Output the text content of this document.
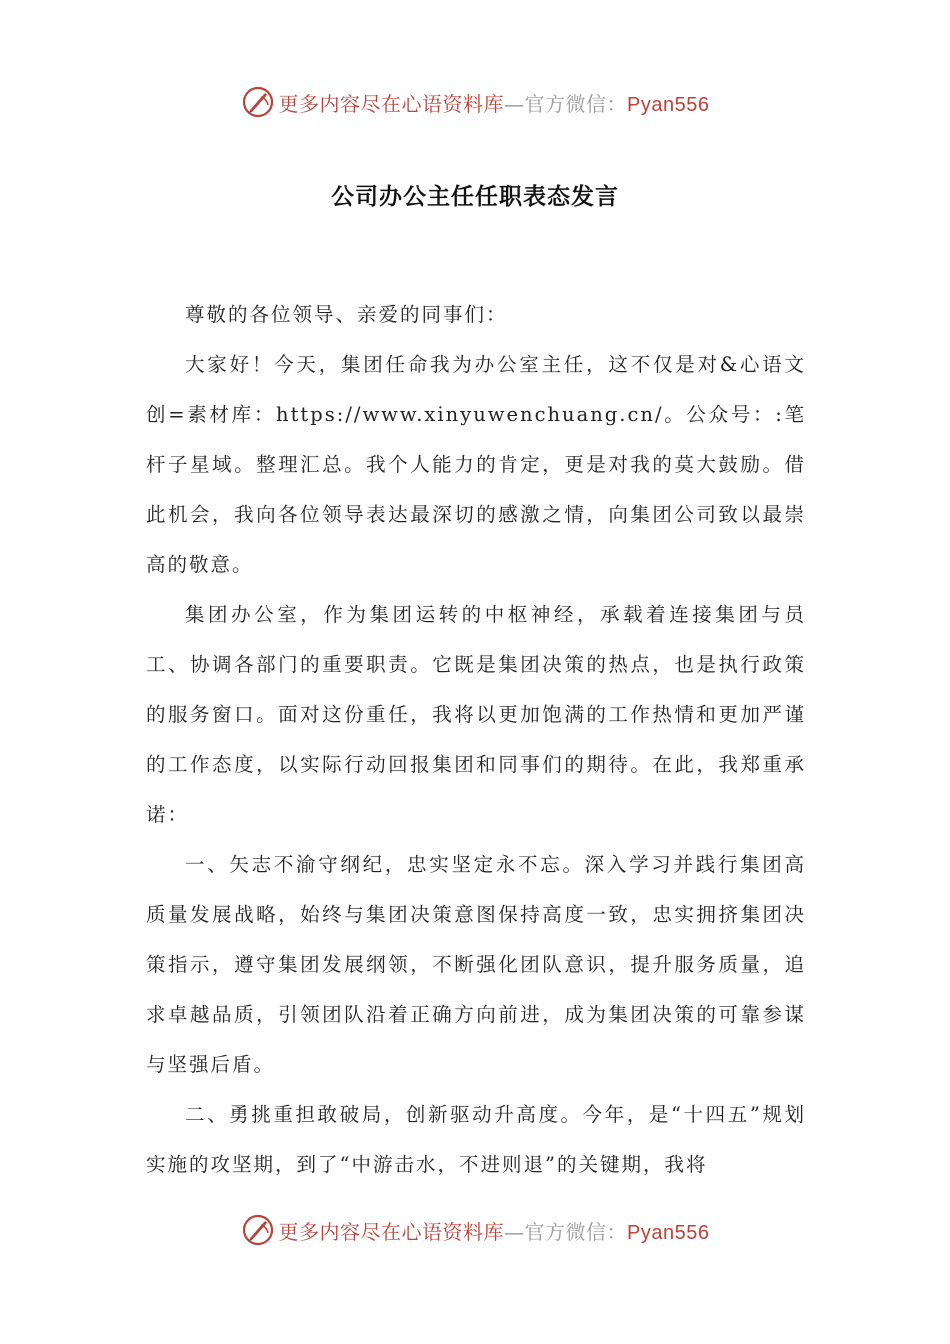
更多内容尽在心语资料库—官方微信：Pyan556
公司办公主任任职表态发言

尊敬的各位领导、亲爱的同事们：

大家好！今天，集团任命我为办公室主任，这不仅是对&心语文创=素材库：https://www.xinyuwenchuang.cn/。公众号：:笔杆子星域。整理汇总。我个人能力的肯定，更是对我的莫大鼓励。借此机会，我向各位领导表达最深切的感激之情，向集团公司致以最崇高的敬意。

集团办公室，作为集团运转的中枢神经，承载着连接集团与员工、协调各部门的重要职责。它既是集团决策的热点，也是执行政策的服务窗口。面对这份重任，我将以更加饱满的工作热情和更加严谨的工作态度，以实际行动回报集团和同事们的期待。在此，我郑重承诺：

一、矢志不渝守纲纪，忠实坚定永不忘。深入学习并践行集团高质量发展战略，始终与集团决策意图保持高度一致，忠实拥挤集团决策指示，遵守集团发展纲领，不断强化团队意识，提升服务质量，追求卓越品质，引领团队沿着正确方向前进，成为集团决策的可靠参谋与坚强后盾。

二、勇挑重担敢破局，创新驱动升高度。今年，是“十四五”规划实施的攻坚期，到了“中游击水，不进则退”的关键期，我将

更多内容尽在心语资料库—官方微信：Pyan556
